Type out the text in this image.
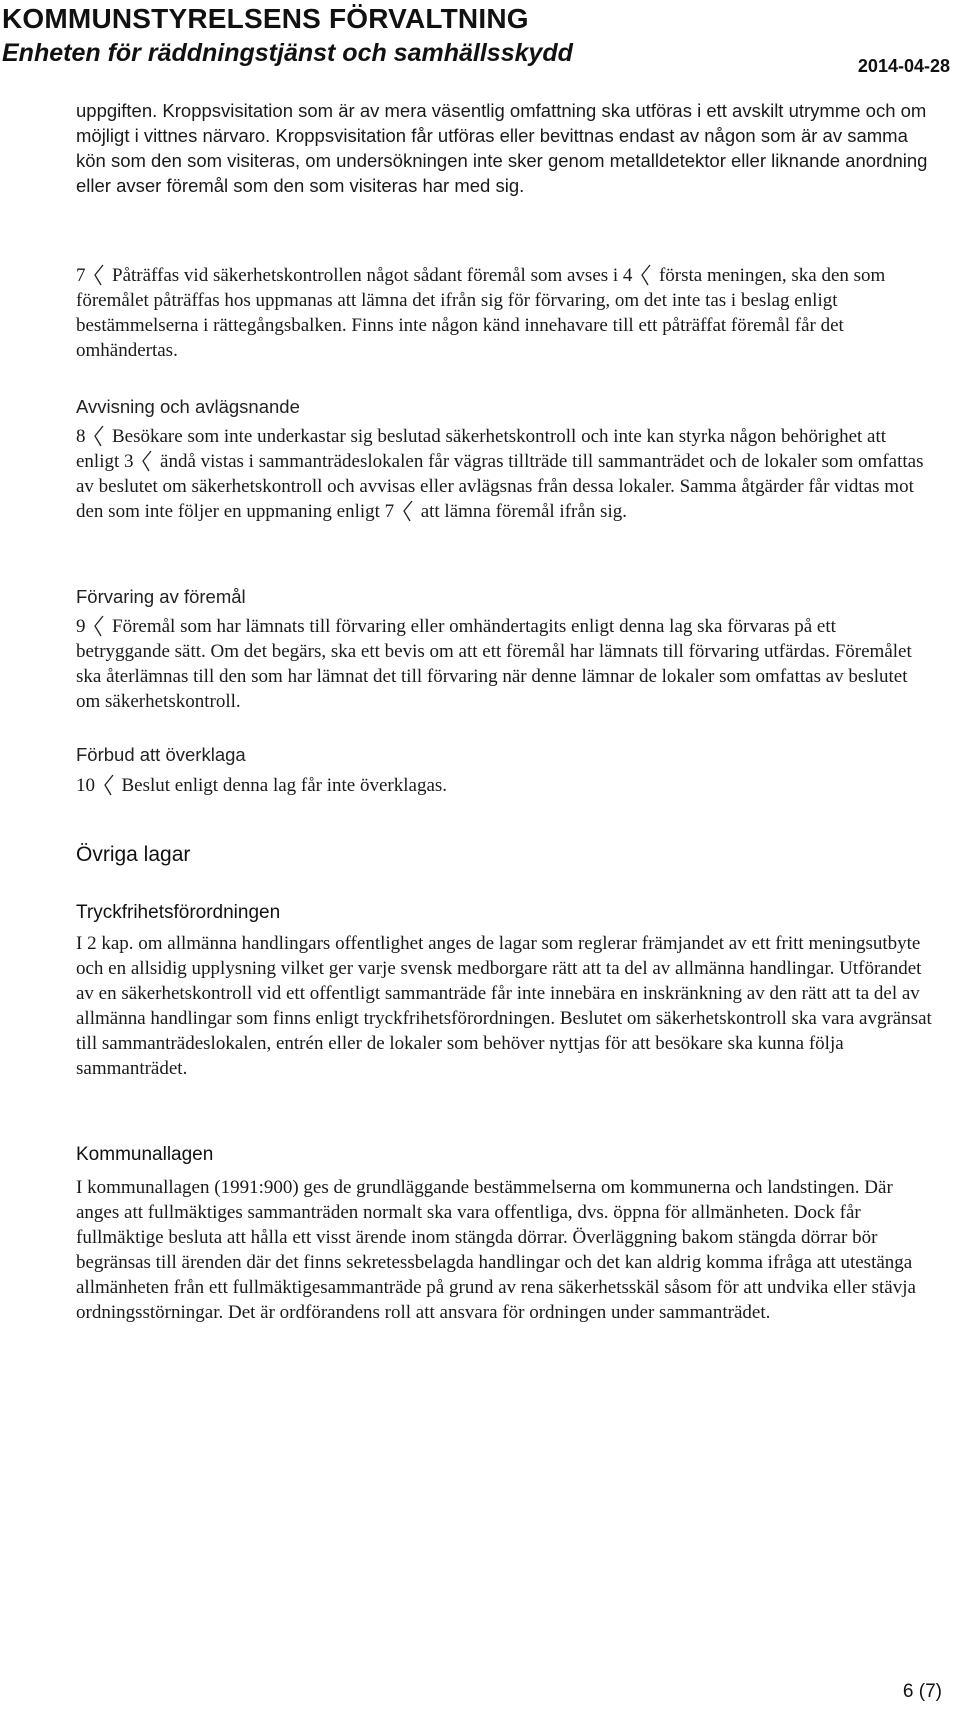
KOMMUNSTYRELSENS FÖRVALTNING
Enheten för räddningstjänst och samhällsskydd	2014-04-28

uppgiften. Kroppsvisitation som är av mera väsentlig omfattning ska utföras i ett avskilt utrymme och om möjligt i vittnes närvaro. Kroppsvisitation får utföras eller bevittnas endast av någon som är av samma kön som den som visiteras, om undersökningen inte sker genom metalldetektor eller liknande anordning eller avser föremål som den som visiteras har med sig.

7 Påträffas vid säkerhetskontrollen något sådant föremål som avses i 4 första meningen, ska den som föremålet påträffas hos uppmanas att lämna det ifrån sig för förvaring, om det inte tas i beslag enligt bestämmelserna i rättegångsbalken. Finns inte någon känd innehavare till ett påträffat föremål får det omhändertas.

Avvisning och avlägsnande

8 Besökare som inte underkastar sig beslutad säkerhetskontroll och inte kan styrka någon behörighet att enligt 3 ändå vistas i sammanträdeslokalen får vägras tillträde till sammanträdet och de lokaler som omfattas av beslutet om säkerhetskontroll och avvisas eller avlägsnas från dessa lokaler. Samma åtgärder får vidtas mot den som inte följer en uppmaning enligt 7 att lämna föremål ifrån sig.

Förvaring av föremål

9 Föremål som har lämnats till förvaring eller omhändertagits enligt denna lag ska förvaras på ett betryggande sätt. Om det begärs, ska ett bevis om att ett föremål har lämnats till förvaring utfärdas. Föremålet ska återlämnas till den som har lämnat det till förvaring när denne lämnar de lokaler som omfattas av beslutet om säkerhetskontroll.

Förbud att överklaga

10 Beslut enligt denna lag får inte överklagas.

Övriga lagar
Tryckfrihetsförordningen

I 2 kap. om allmänna handlingars offentlighet anges de lagar som reglerar främjandet av ett fritt meningsutbyte och en allsidig upplysning vilket ger varje svensk medborgare rätt att ta del av allmänna handlingar. Utförandet av en säkerhetskontroll vid ett offentligt sammanträde får inte innebära en inskränkning av den rätt att ta del av allmänna handlingar som finns enligt tryckfrihetsförordningen. Beslutet om säkerhetskontroll ska vara avgränsat till sammanträdeslokalen, entrén eller de lokaler som behöver nyttjas för att besökare ska kunna följa sammanträdet.

Kommunallagen

I kommunallagen (1991:900) ges de grundläggande bestämmelserna om kommunerna och landstingen. Där anges att fullmäktiges sammanträden normalt ska vara offentliga, dvs. öppna för allmänheten. Dock får fullmäktige besluta att hålla ett visst ärende inom stängda dörrar. Överläggning bakom stängda dörrar bör begränsas till ärenden där det finns sekretessbelagda handlingar och det kan aldrig komma ifråga att utestänga allmänheten från ett fullmäktigesammanträde på grund av rena säkerhetsskäl såsom för att undvika eller stävja ordningsstörningar. Det är ordförandens roll att ansvara för ordningen under sammanträdet.

6 (7)
